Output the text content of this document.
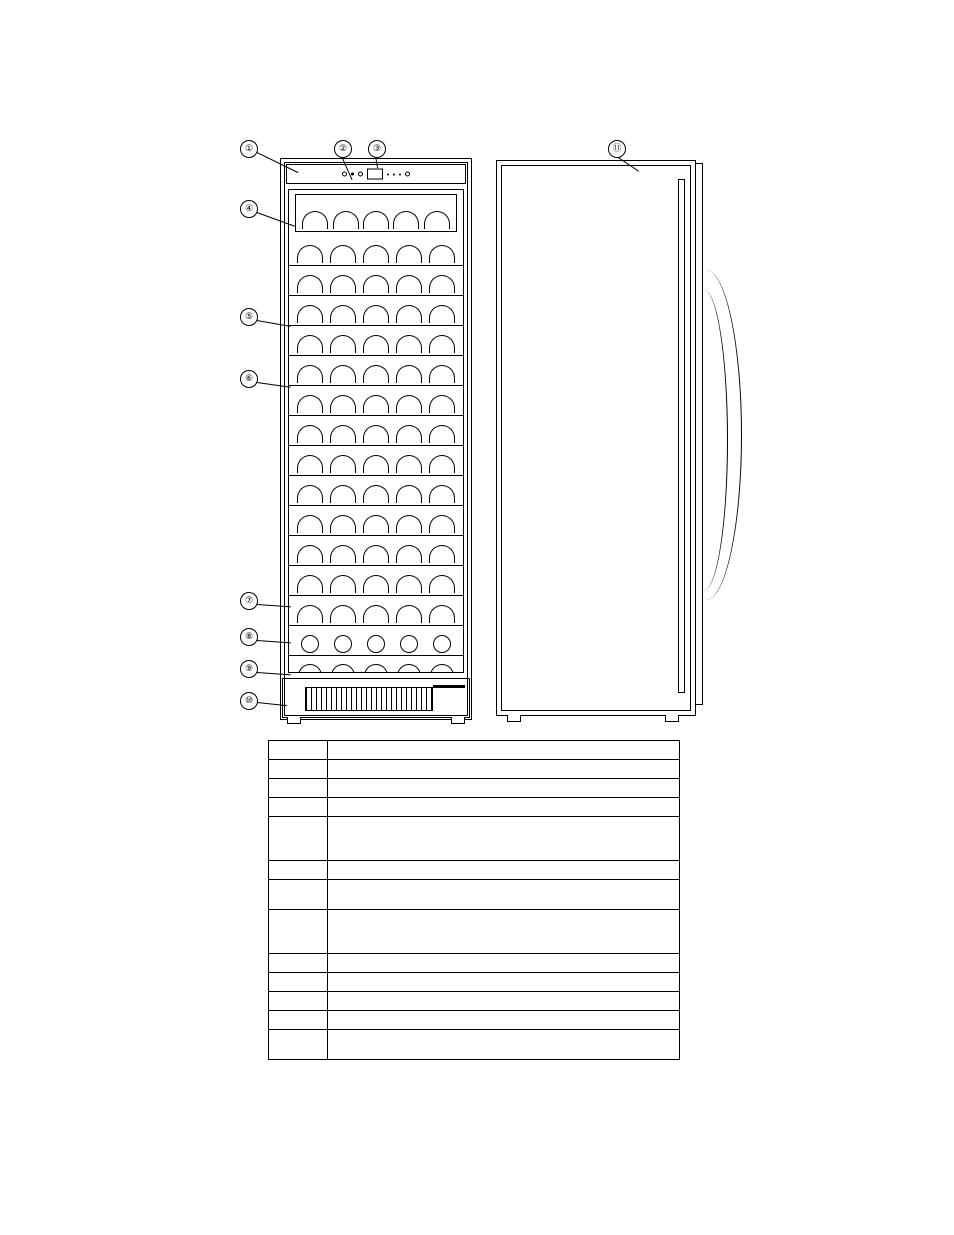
①	②	③
④
⑤
⑥
⑦
⑧
⑨
⑩
⑪
